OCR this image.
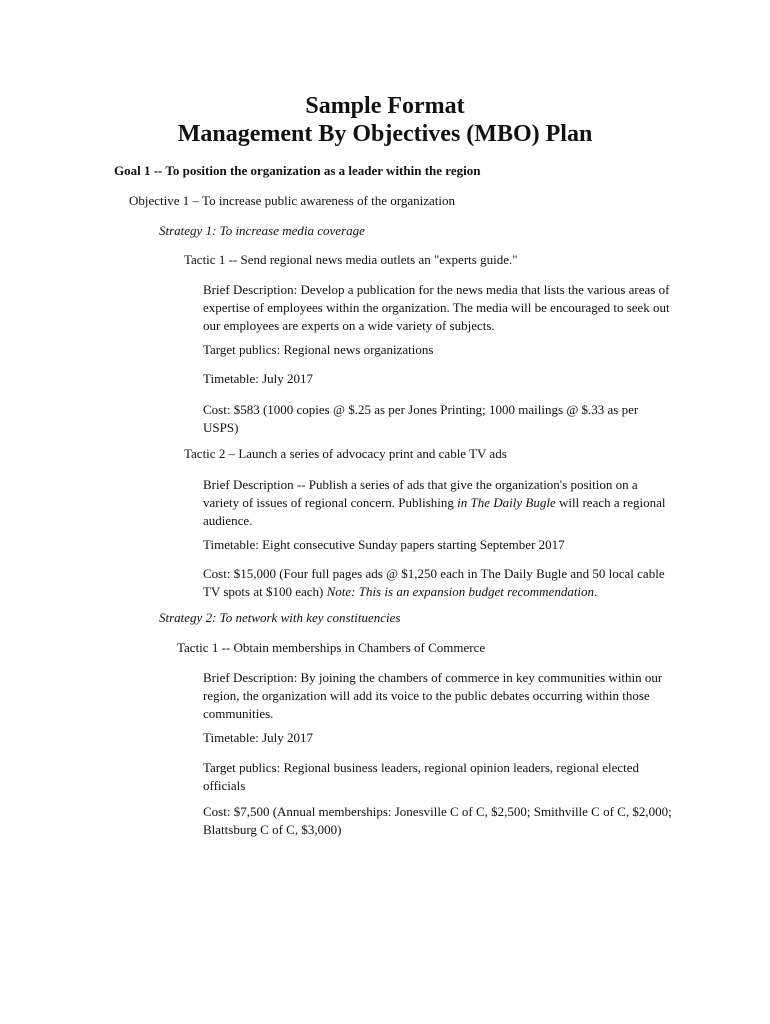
Sample Format
Management By Objectives (MBO) Plan
Goal 1 -- To position the organization as a leader within the region
Objective 1 – To increase public awareness of the organization
Strategy 1: To increase media coverage
Tactic 1 -- Send regional news media outlets an "experts guide."
Brief Description: Develop a publication for the news media that lists the various areas of expertise of employees within the organization. The media will be encouraged to seek out our employees are experts on a wide variety of subjects.
Target publics: Regional news organizations
Timetable: July 2017
Cost: $583 (1000 copies @ $.25 as per Jones Printing; 1000 mailings @ $.33 as per USPS)
Tactic 2 – Launch a series of advocacy print and cable TV ads
Brief Description -- Publish a series of ads that give the organization's position on a variety of issues of regional concern. Publishing in The Daily Bugle will reach a regional audience.
Timetable: Eight consecutive Sunday papers starting September 2017
Cost: $15,000 (Four full pages ads @ $1,250 each in The Daily Bugle and 50 local cable TV spots at $100 each) Note: This is an expansion budget recommendation.
Strategy 2: To network with key constituencies
Tactic 1 -- Obtain memberships in Chambers of Commerce
Brief Description: By joining the chambers of commerce in key communities within our region, the organization will add its voice to the public debates occurring within those communities.
Timetable: July 2017
Target publics: Regional business leaders, regional opinion leaders, regional elected officials
Cost: $7,500 (Annual memberships: Jonesville C of C, $2,500; Smithville C of C, $2,000; Blattsburg C of C, $3,000)
